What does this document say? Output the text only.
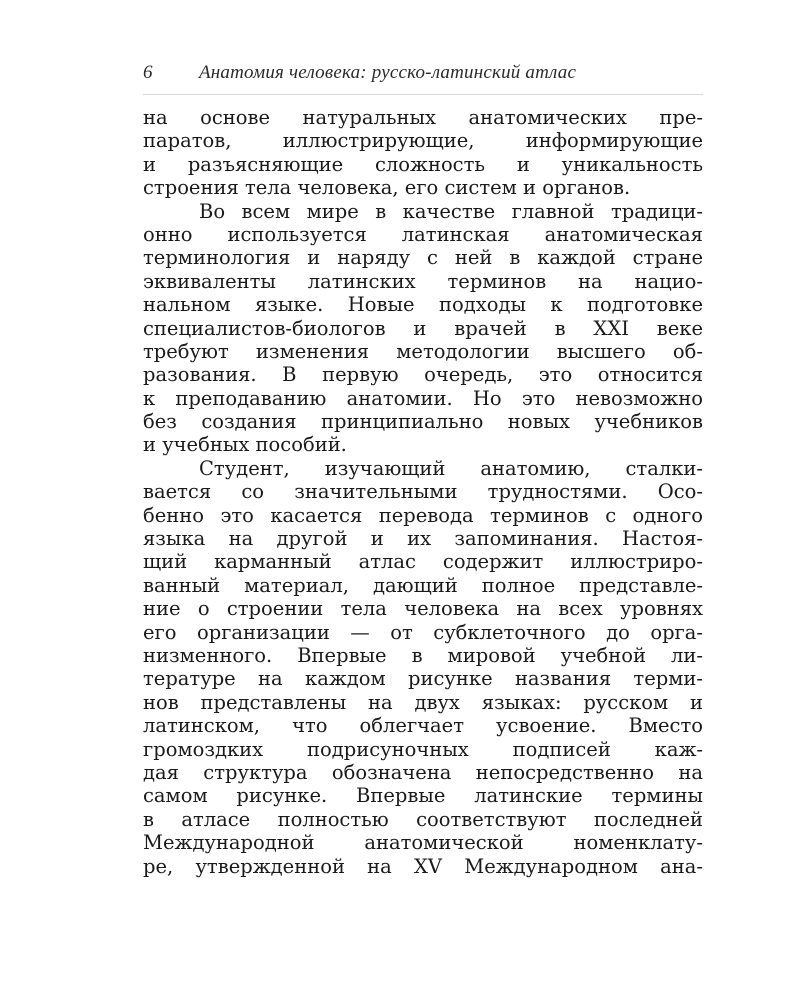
6	Анатомия человека: русско-латинский атлас
на основе натуральных анатомических пре-
паратов, иллюстрирующие, информирующие
и разъясняющие сложность и уникальность
строения тела человека, его систем и органов.
Во всем мире в качестве главной традици-
онно используется латинская анатомическая
терминология и наряду с ней в каждой стране
эквиваленты латинских терминов на нацио-
нальном языке. Новые подходы к подготовке
специалистов-биологов и врачей в XXI веке
требуют изменения методологии высшего об-
разования. В первую очередь, это относится
к преподаванию анатомии. Но это невозможно
без создания принципиально новых учебников
и учебных пособий.
Студент, изучающий анатомию, сталки-
вается со значительными трудностями. Осо-
бенно это касается перевода терминов с одного
языка на другой и их запоминания. Настоя-
щий карманный атлас содержит иллюстриро-
ванный материал, дающий полное представле-
ние о строении тела человека на всех уровнях
его организации — от субклеточного до орга-
низменного. Впервые в мировой учебной ли-
тературе на каждом рисунке названия терми-
нов представлены на двух языках: русском и
латинском, что облегчает усвоение. Вместо
громоздких подрисуночных подписей каж-
дая структура обозначена непосредственно на
самом рисунке. Впервые латинские термины
в атласе полностью соответствуют последней
Международной анатомической номенклату-
ре, утвержденной на XV Международном ана-
